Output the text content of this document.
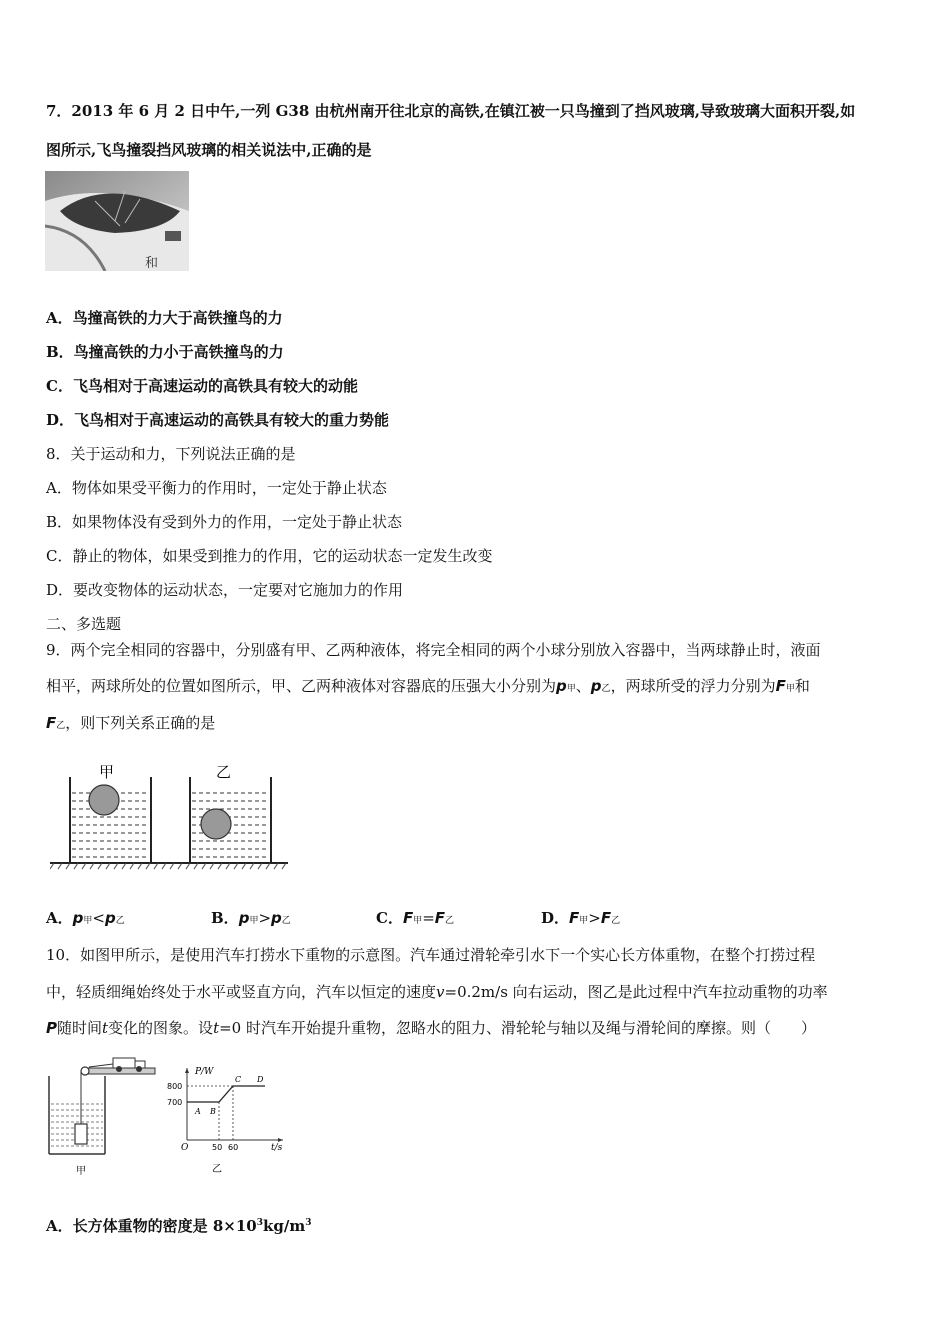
7．2013 年 6 月 2 日中午,一列 G38 由杭州南开往北京的高铁,在镇江被一只鸟撞到了挡风玻璃,导致玻璃大面积开裂,如
图所示,飞鸟撞裂挡风玻璃的相关说法中,正确的是
和
A．鸟撞高铁的力大于高铁撞鸟的力
B．鸟撞高铁的力小于高铁撞鸟的力
C．飞鸟相对于高速运动的高铁具有较大的动能
D．飞鸟相对于高速运动的高铁具有较大的重力势能
8．关于运动和力，下列说法正确的是
A．物体如果受平衡力的作用时，一定处于静止状态
B．如果物体没有受到外力的作用，一定处于静止状态
C．静止的物体，如果受到推力的作用，它的运动状态一定发生改变
D．要改变物体的运动状态，一定要对它施加力的作用
二、多选题
9．两个完全相同的容器中，分别盛有甲、乙两种液体，将完全相同的两个小球分别放入容器中，当两球静止时，液面
相平，两球所处的位置如图所示，甲、乙两种液体对容器底的压强大小分别为p甲、p乙，两球所受的浮力分别为F甲和
F乙，则下列关系正确的是
甲	乙
A．p甲<p乙	B．p甲>p乙	C．F甲=F乙	D．F甲>F乙
10．如图甲所示，是使用汽车打捞水下重物的示意图。汽车通过滑轮牵引水下一个实心长方体重物，在整个打捞过程
中，轻质细绳始终处于水平或竖直方向，汽车以恒定的速度v=0.2m/s 向右运动，图乙是此过程中汽车拉动重物的功率
P随时间t变化的图象。设t=0 时汽车开始提升重物，忽略水的阻力、滑轮轮与轴以及绳与滑轮间的摩擦。则（　　）
甲
P/W
t/s
O
800
700
50 60
A B
C D
乙
A．长方体重物的密度是 $8\times 10^3kg/m^3$
